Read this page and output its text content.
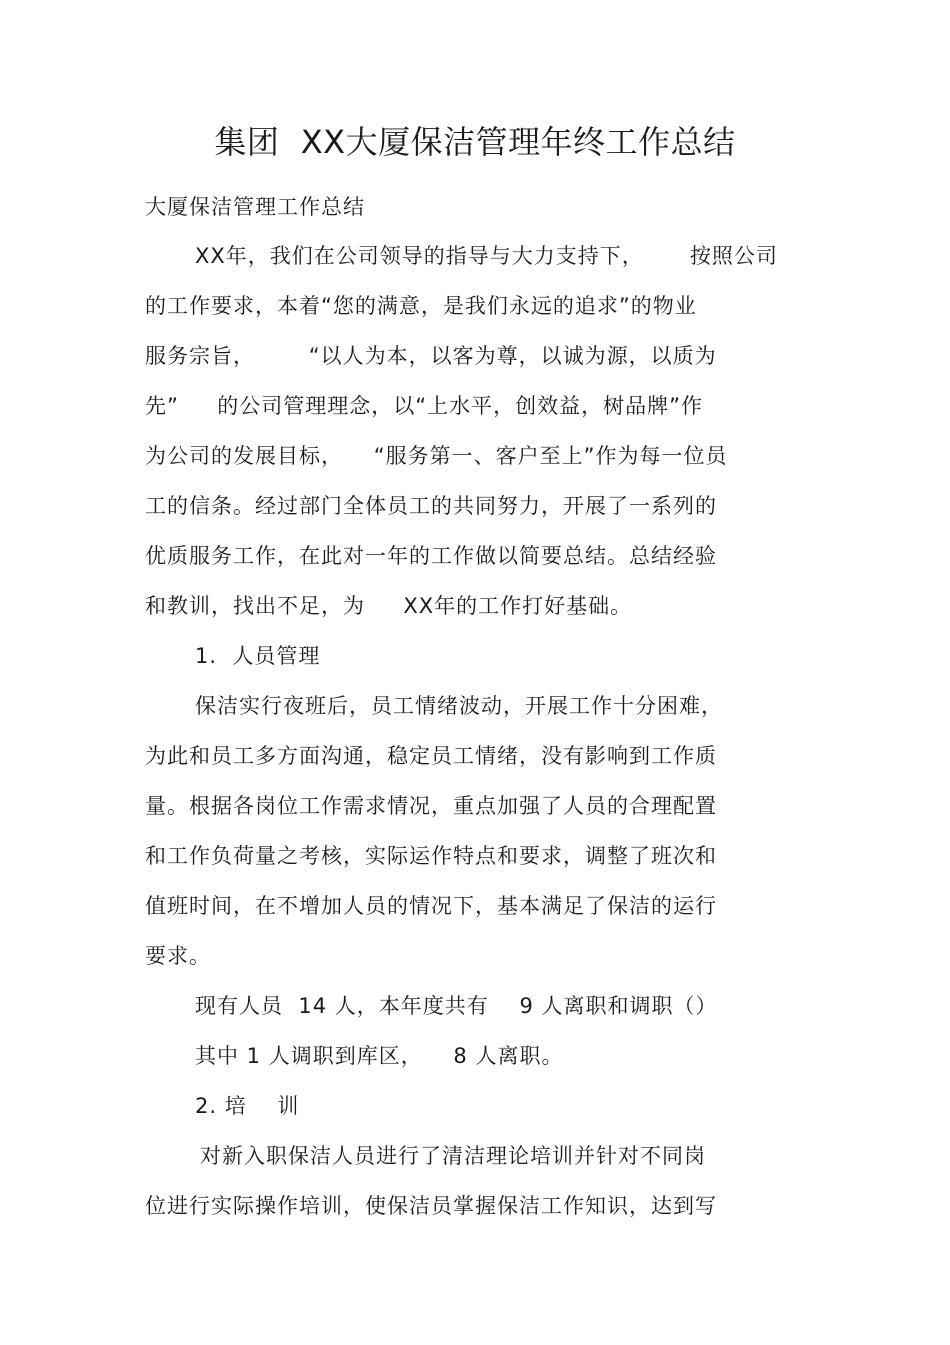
集团  XX大厦保洁管理年终工作总结
大厦保洁管理工作总结
XX年，我们在公司领导的指导与大力支持下，      按照公司
的工作要求，本着“您的满意，是我们永远的追求”的物业
服务宗旨，       “以人为本，以客为尊，以诚为源，以质为
先”     的公司管理理念，以“上水平，创效益，树品牌”作
为公司的发展目标，    “服务第一、客户至上”作为每一位员
工的信条。经过部门全体员工的共同努力，开展了一系列的
优质服务工作，在此对一年的工作做以简要总结。总结经验
和教训，找出不足，为     XX年的工作打好基础。
1.  人员管理
保洁实行夜班后，员工情绪波动，开展工作十分困难，
为此和员工多方面沟通，稳定员工情绪，没有影响到工作质
量。根据各岗位工作需求情况，重点加强了人员的合理配置
和工作负荷量之考核，实际运作特点和要求，调整了班次和
值班时间，在不增加人员的情况下，基本满足了保洁的运行
要求。
现有人员  14 人，本年度共有    9 人离职和调职（）
其中 1 人调职到库区，    8 人离职。
2. 培    训
对新入职保洁人员进行了清洁理论培训并针对不同岗
位进行实际操作培训，使保洁员掌握保洁工作知识，达到写
